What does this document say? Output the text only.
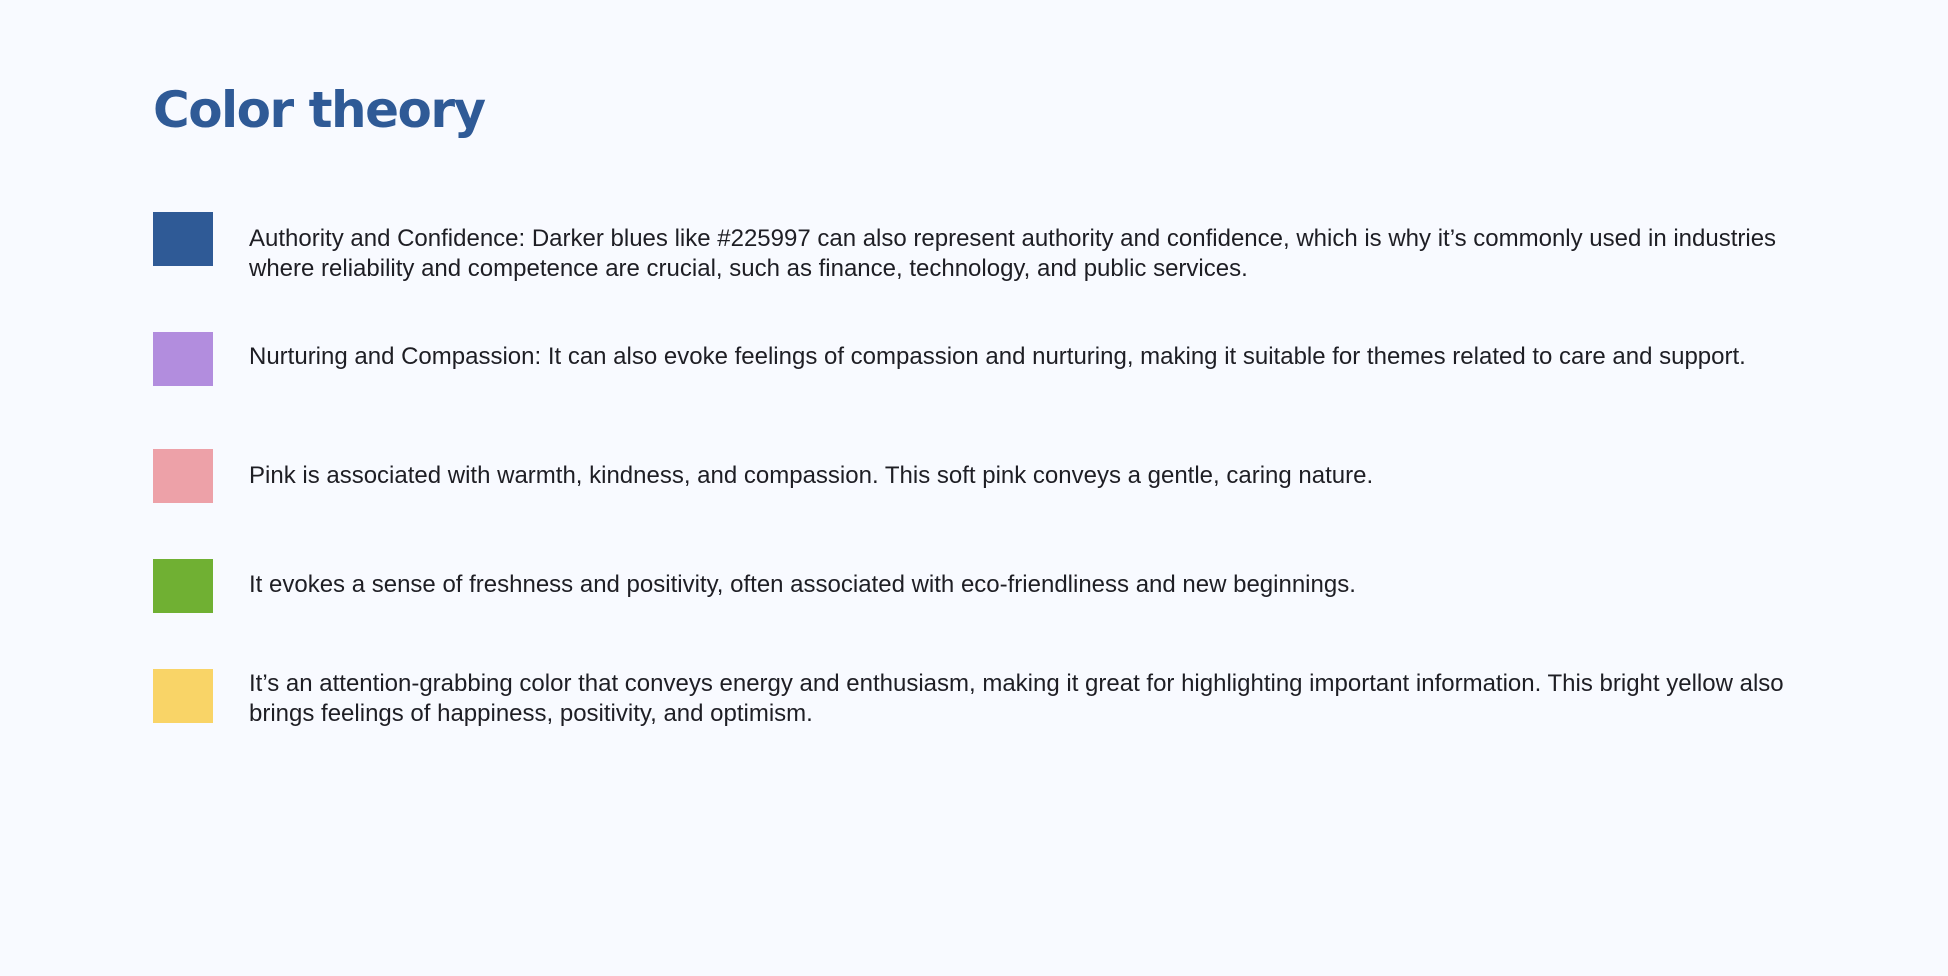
Color theory
Authority and Confidence: Darker blues like #225997 can also represent authority and confidence, which is why it’s commonly used in industries where reliability and competence are crucial, such as finance, technology, and public services.
Nurturing and Compassion: It can also evoke feelings of compassion and nurturing, making it suitable for themes related to care and support.
Pink is associated with warmth, kindness, and compassion. This soft pink conveys a gentle, caring nature.
It evokes a sense of freshness and positivity, often associated with eco-friendliness and new beginnings.
It’s an attention-grabbing color that conveys energy and enthusiasm, making it great for highlighting important information. This bright yellow also brings feelings of happiness, positivity, and optimism.
